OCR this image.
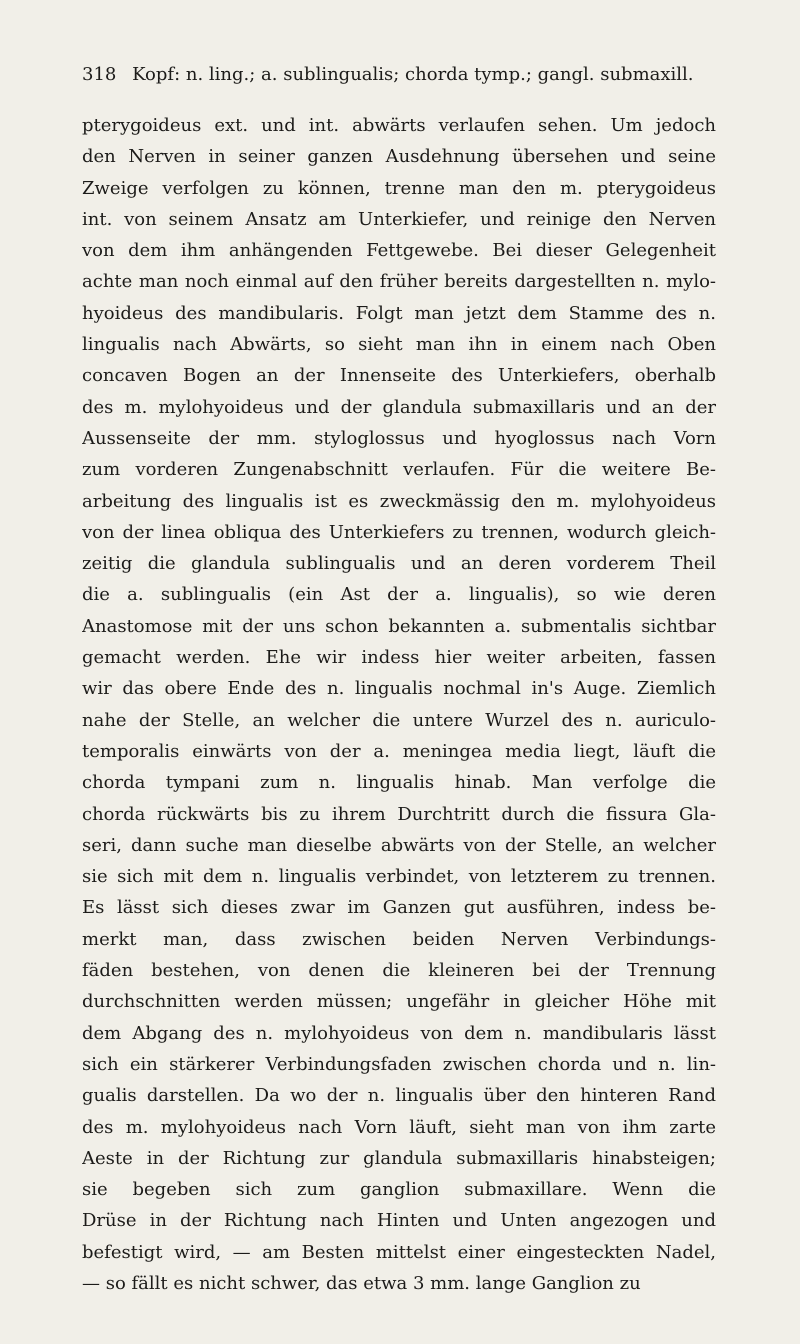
318 Kopf: n. ling.; a. sublingualis; chorda tymp.; gangl. submaxill.
pterygoideus ext. und int. abwärts verlaufen sehen. Um jedoch
den Nerven in seiner ganzen Ausdehnung übersehen und seine
Zweige verfolgen zu können, trenne man den m. pterygoideus
int. von seinem Ansatz am Unterkiefer, und reinige den Nerven
von dem ihm anhängenden Fettgewebe. Bei dieser Gelegenheit
achte man noch einmal auf den früher bereits dargestellten n. mylo-
hyoideus des mandibularis. Folgt man jetzt dem Stamme des n.
lingualis nach Abwärts, so sieht man ihn in einem nach Oben
concaven Bogen an der Innenseite des Unterkiefers, oberhalb
des m. mylohyoideus und der glandula submaxillaris und an der
Aussenseite der mm. styloglossus und hyoglossus nach Vorn
zum vorderen Zungenabschnitt verlaufen. Für die weitere Be-
arbeitung des lingualis ist es zweckmässig den m. mylohyoideus
von der linea obliqua des Unterkiefers zu trennen, wodurch gleich-
zeitig die glandula sublingualis und an deren vorderem Theil
die a. sublingualis (ein Ast der a. lingualis), so wie deren
Anastomose mit der uns schon bekannten a. submentalis sichtbar
gemacht werden. Ehe wir indess hier weiter arbeiten, fassen
wir das obere Ende des n. lingualis nochmal in's Auge. Ziemlich
nahe der Stelle, an welcher die untere Wurzel des n. auriculo-
temporalis einwärts von der a. meningea media liegt, läuft die
chorda tympani zum n. lingualis hinab. Man verfolge die
chorda rückwärts bis zu ihrem Durchtritt durch die fissura Gla-
seri, dann suche man dieselbe abwärts von der Stelle, an welcher
sie sich mit dem n. lingualis verbindet, von letzterem zu trennen.
Es lässt sich dieses zwar im Ganzen gut ausführen, indess be-
merkt man, dass zwischen beiden Nerven Verbindungs-
fäden bestehen, von denen die kleineren bei der Trennung
durchschnitten werden müssen; ungefähr in gleicher Höhe mit
dem Abgang des n. mylohyoideus von dem n. mandibularis lässt
sich ein stärkerer Verbindungsfaden zwischen chorda und n. lin-
gualis darstellen. Da wo der n. lingualis über den hinteren Rand
des m. mylohyoideus nach Vorn läuft, sieht man von ihm zarte
Aeste in der Richtung zur glandula submaxillaris hinabsteigen;
sie begeben sich zum ganglion submaxillare. Wenn die
Drüse in der Richtung nach Hinten und Unten angezogen und
befestigt wird, — am Besten mittelst einer eingesteckten Nadel,
— so fällt es nicht schwer, das etwa 3 mm. lange Ganglion zu
